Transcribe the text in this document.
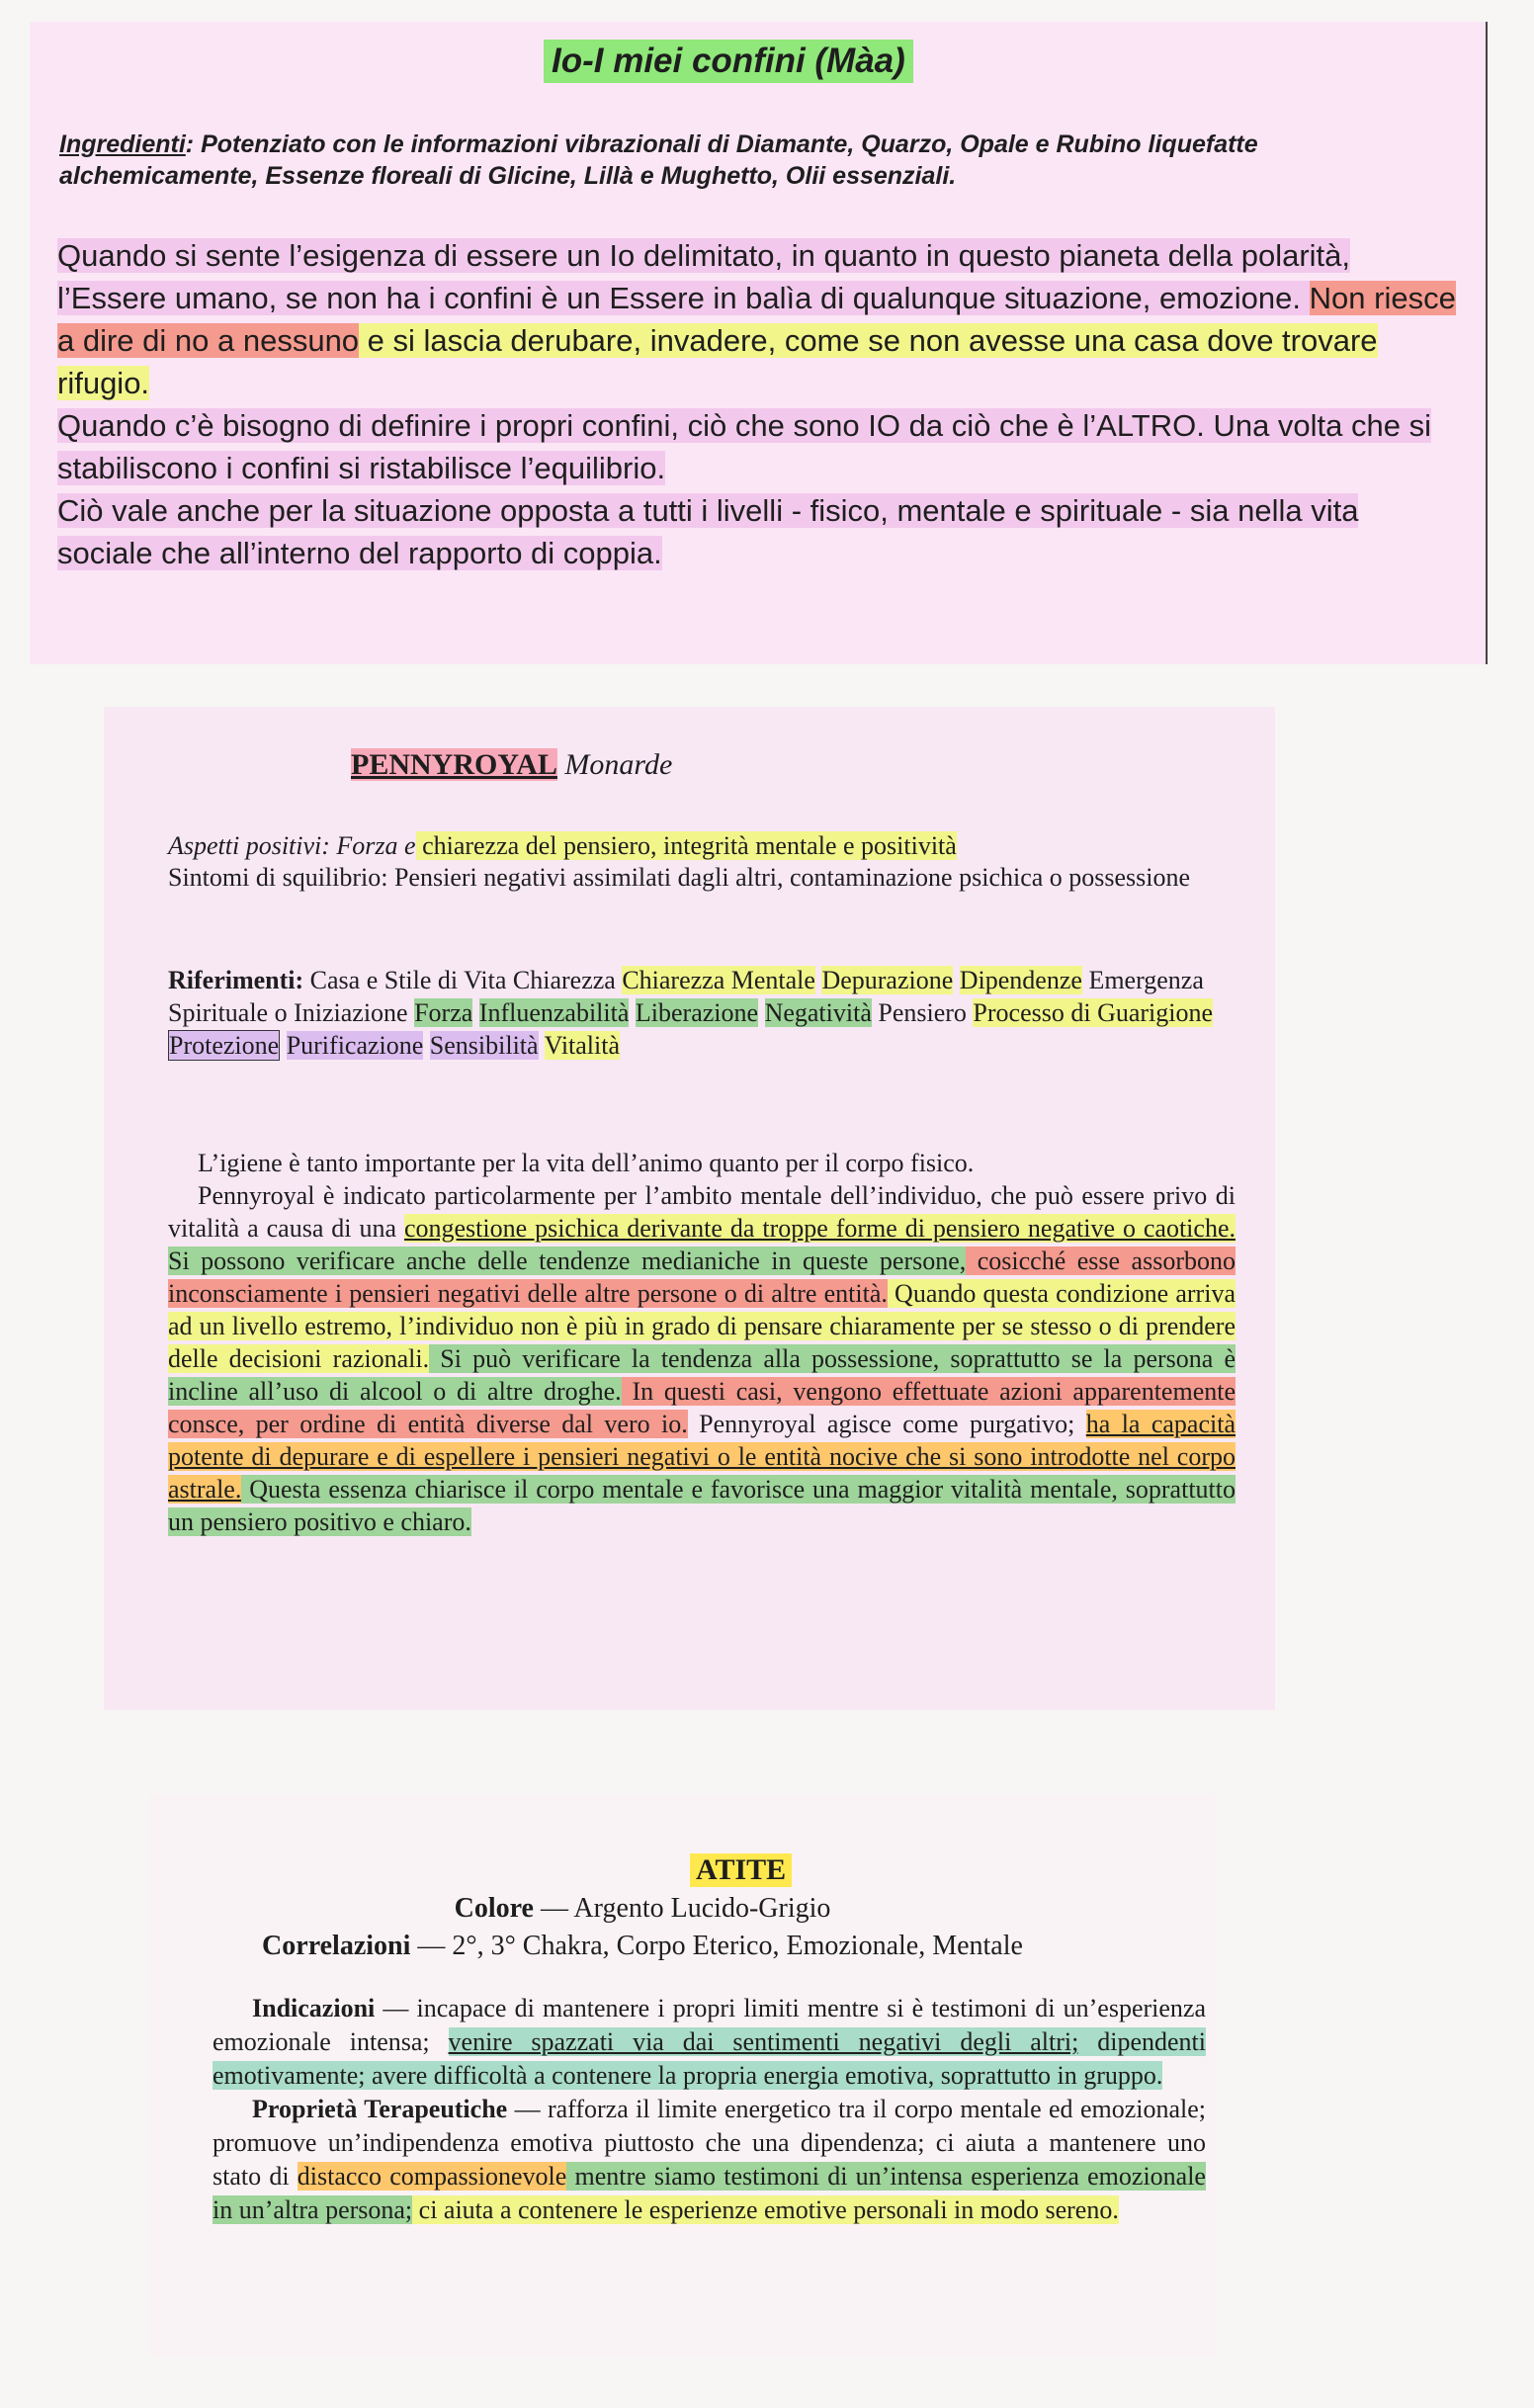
Io-I miei confini (Màa)
Ingredienti: Potenziato con le informazioni vibrazionali di Diamante, Quarzo, Opale e Rubino liquefatte alchemicamente, Essenze floreali di Glicine, Lillà e Mughetto, Olii essenziali.

Quando si sente l’esigenza di essere un Io delimitato, in quanto in questo pianeta della polarità, l’Essere umano, se non ha i confini è un Essere in balìa di qualunque situazione, emozione. Non riesce a dire di no a nessuno e si lascia derubare, invadere, come se non avesse una casa dove trovare rifugio.

Quando c’è bisogno di definire i propri confini, ciò che sono IO da ciò che è l’ALTRO. Una volta che si stabiliscono i confini si ristabilisce l’equilibrio.

Ciò vale anche per la situazione opposta a tutti i livelli - fisico, mentale e spirituale - sia nella vita sociale che all’interno del rapporto di coppia.

PENNYROYAL Monarde

Aspetti positivi: Forza e chiarezza del pensiero, integrità mentale e positività

Sintomi di squilibrio: Pensieri negativi assimilati dagli altri, contaminazione psichica o possessione

Riferimenti: Casa e Stile di Vita Chiarezza Chiarezza Mentale Depurazione Dipendenze Emergenza Spirituale o Iniziazione Forza Influenzabilità Liberazione Negatività Pensiero Processo di Guarigione Protezione Purificazione Sensibilità Vitalità

L’igiene è tanto importante per la vita dell’animo quanto per il corpo fisico.

Pennyroyal è indicato particolarmente per l’ambito mentale dell’individuo, che può essere privo di vitalità a causa di una congestione psichica derivante da troppe forme di pensiero negative o caotiche. Si possono verificare anche delle tendenze medianiche in queste persone, cosicché esse assorbono inconsciamente i pensieri negativi delle altre persone o di altre entità. Quando questa condizione arriva ad un livello estremo, l’individuo non è più in grado di pensare chiaramente per se stesso o di prendere delle decisioni razionali. Si può verificare la tendenza alla possessione, soprattutto se la persona è incline all’uso di alcool o di altre droghe. In questi casi, vengono effettuate azioni apparentemente consce, per ordine di entità diverse dal vero io. Pennyroyal agisce come purgativo; ha la capacità potente di depurare e di espellere i pensieri negativi o le entità nocive che si sono introdotte nel corpo astrale. Questa essenza chiarisce il corpo mentale e favorisce una maggior vitalità mentale, soprattutto un pensiero positivo e chiaro.

ATITE
Colore — Argento Lucido-Grigio
Correlazioni — 2°, 3° Chakra, Corpo Eterico, Emozionale, Mentale

Indicazioni — incapace di mantenere i propri limiti mentre si è testimoni di un’esperienza emozionale intensa; venire spazzati via dai sentimenti negativi degli altri; dipendenti emotivamente; avere difficoltà a contenere la propria energia emotiva, soprattutto in gruppo.

Proprietà Terapeutiche — rafforza il limite energetico tra il corpo mentale ed emozionale; promuove un’indipendenza emotiva piuttosto che una dipendenza; ci aiuta a mantenere uno stato di distacco compassionevole mentre siamo testimoni di un’intensa esperienza emozionale in un’altra persona; ci aiuta a contenere le esperienze emotive personali in modo sereno.
